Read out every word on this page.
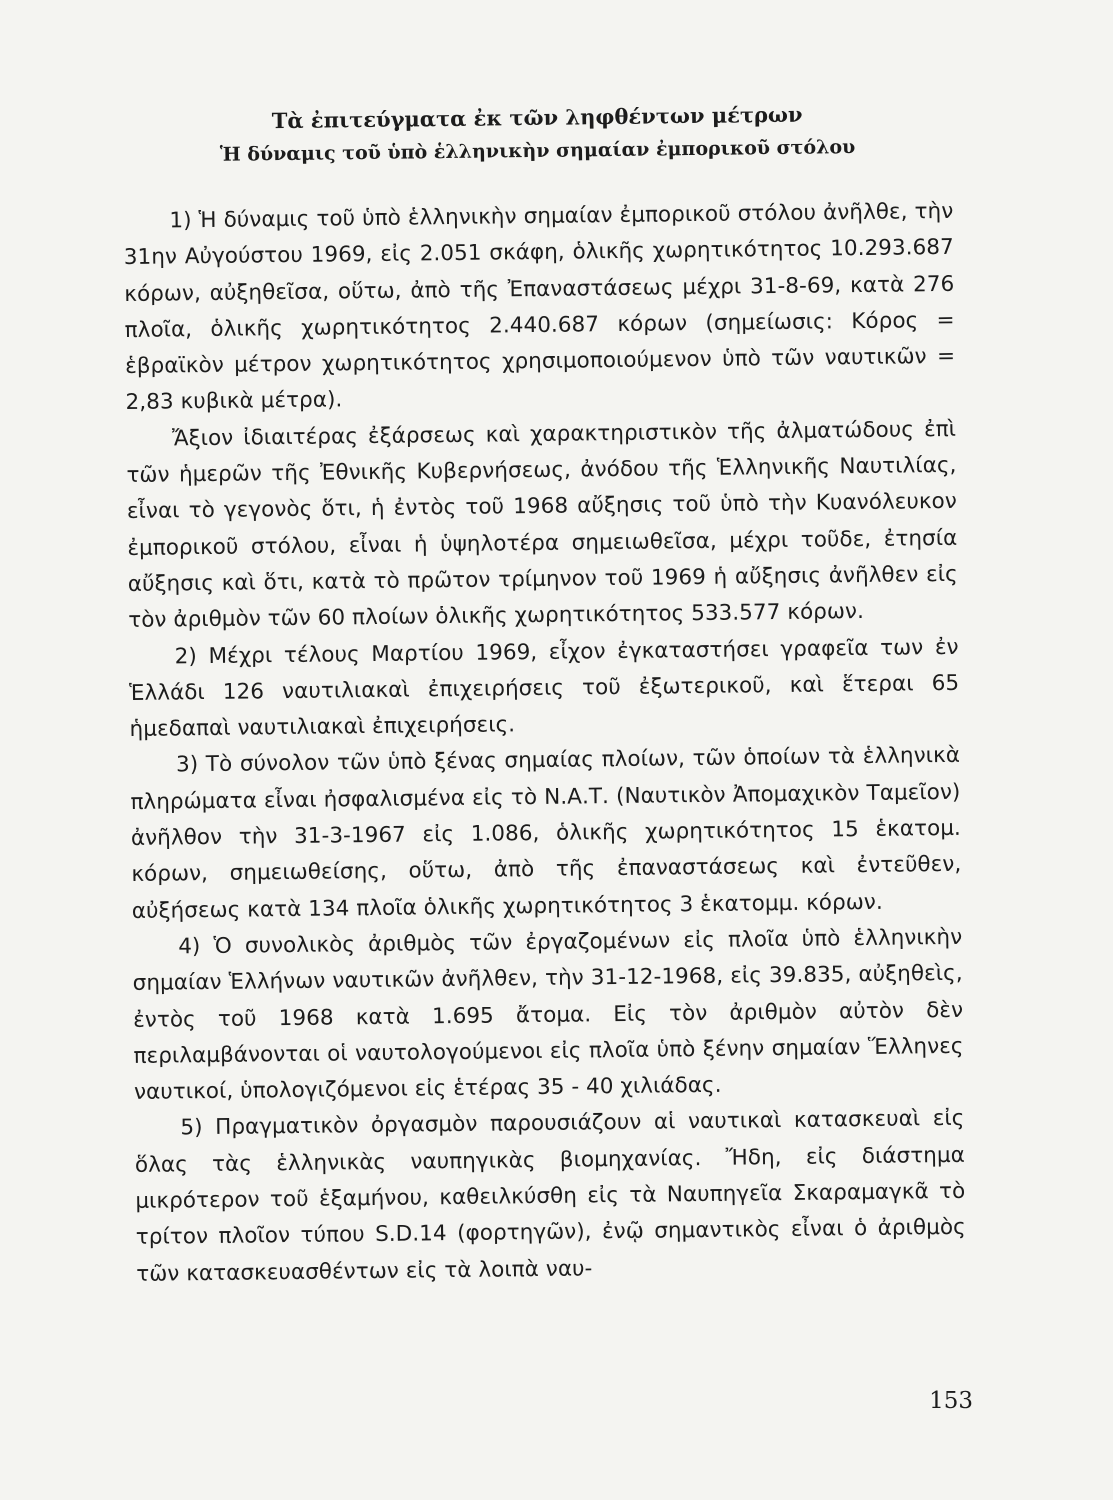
Τὰ ἐπιτεύγματα ἐκ τῶν ληφθέντων μέτρων
Ἡ δύναμις τοῦ ὑπὸ ἑλληνικὴν σημαίαν ἐμπορικοῦ στόλου

1) Ἡ δύναμις τοῦ ὑπὸ ἑλληνικὴν σημαίαν ἐμπορικοῦ στόλου ἀνῆλθε, τὴν 31ην Αὐγούστου 1969, εἰς 2.051 σκάφη, ὁλικῆς χωρητικότητος 10.293.687 κόρων, αὐξηθεῖσα, οὕτω, ἀπὸ τῆς Ἐπαναστάσεως μέχρι 31-8-69, κατὰ 276 πλοῖα, ὁλικῆς χωρητικότητος 2.440.687 κόρων (σημείωσις: Κόρος = ἑβραϊκὸν μέτρον χωρητικότητος χρησιμοποιούμενον ὑπὸ τῶν ναυτικῶν = 2,83 κυβικὰ μέτρα).

Ἄξιον ἰδιαιτέρας ἐξάρσεως καὶ χαρακτηριστικὸν τῆς ἀλματώδους ἐπὶ τῶν ἡμερῶν τῆς Ἐθνικῆς Κυβερνήσεως, ἀνόδου τῆς Ἑλληνικῆς Ναυτιλίας, εἶναι τὸ γεγονὸς ὅτι, ἡ ἐντὸς τοῦ 1968 αὔξησις τοῦ ὑπὸ τὴν Κυανόλευκον ἐμπορικοῦ στόλου, εἶναι ἡ ὑψηλοτέρα σημειωθεῖσα, μέχρι τοῦδε, ἐτησία αὔξησις καὶ ὅτι, κατὰ τὸ πρῶτον τρίμηνον τοῦ 1969 ἡ αὔξησις ἀνῆλθεν εἰς τὸν ἀριθμὸν τῶν 60 πλοίων ὁλικῆς χωρητικότητος 533.577 κόρων.

2) Μέχρι τέλους Μαρτίου 1969, εἶχον ἐγκαταστήσει γραφεῖα των ἐν Ἑλλάδι 126 ναυτιλιακαὶ ἐπιχειρήσεις τοῦ ἐξωτερικοῦ, καὶ ἕτεραι 65 ἡμεδαπαὶ ναυτιλιακαὶ ἐπιχειρήσεις.

3) Τὸ σύνολον τῶν ὑπὸ ξένας σημαίας πλοίων, τῶν ὁποίων τὰ ἑλληνικὰ πληρώματα εἶναι ἠσφαλισμένα εἰς τὸ Ν.Α.Τ. (Ναυτικὸν Ἀπομαχικὸν Ταμεῖον) ἀνῆλθον τὴν 31-3-1967 εἰς 1.086, ὁλικῆς χωρητικότητος 15 ἑκατομ. κόρων, σημειωθείσης, οὕτω, ἀπὸ τῆς ἐπαναστάσεως καὶ ἐντεῦθεν, αὐξήσεως κατὰ 134 πλοῖα ὁλικῆς χωρητικότητος 3 ἑκατομμ. κόρων.

4) Ὁ συνολικὸς ἀριθμὸς τῶν ἐργαζομένων εἰς πλοῖα ὑπὸ ἑλληνικὴν σημαίαν Ἑλλήνων ναυτικῶν ἀνῆλθεν, τὴν 31-12-1968, εἰς 39.835, αὐξηθεὶς, ἐντὸς τοῦ 1968 κατὰ 1.695 ἄτομα. Εἰς τὸν ἀριθμὸν αὐτὸν δὲν περιλαμβάνονται οἱ ναυτολογούμενοι εἰς πλοῖα ὑπὸ ξένην σημαίαν Ἕλληνες ναυτικοί, ὑπολογιζόμενοι εἰς ἑτέρας 35 - 40 χιλιάδας.

5) Πραγματικὸν ὀργασμὸν παρουσιάζουν αἱ ναυτικαὶ κατασκευαὶ εἰς ὅλας τὰς ἑλληνικὰς ναυπηγικὰς βιομηχανίας. Ἤδη, εἰς διάστημα μικρότερον τοῦ ἑξαμήνου, καθειλκύσθη εἰς τὰ Ναυπηγεῖα Σκαραμαγκᾶ τὸ τρίτον πλοῖον τύπου S.D.14 (φορτηγῶν), ἐνῷ σημαντικὸς εἶναι ὁ ἀριθμὸς τῶν κατασκευασθέντων εἰς τὰ λοιπὰ ναυ-

153
